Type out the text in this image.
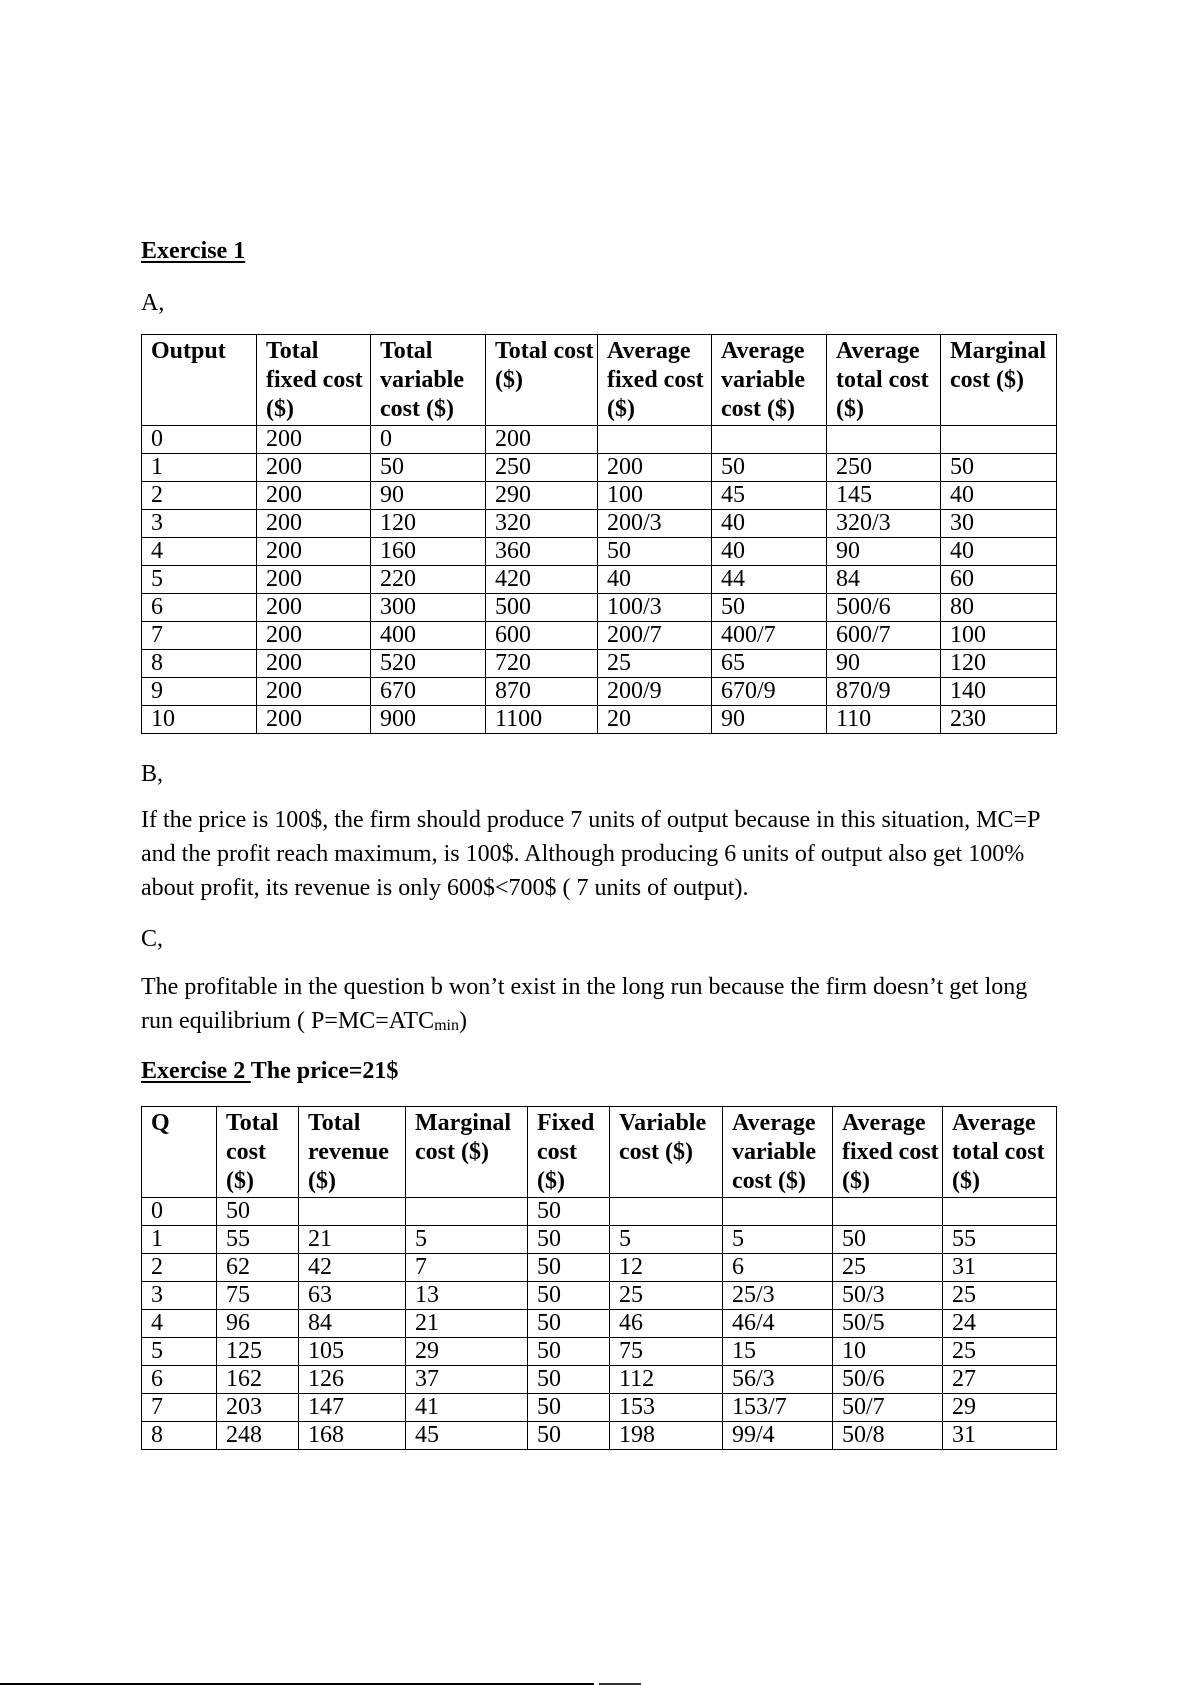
Exercise 1
A,
Output	Total fixed cost ($)	Total variable cost ($)	Total cost ($)	Average fixed cost ($)	Average variable cost ($)	Average total cost ($)	Marginal cost ($)
0	200	0	200				
1	200	50	250	200	50	250	50
2	200	90	290	100	45	145	40
3	200	120	320	200/3	40	320/3	30
4	200	160	360	50	40	90	40
5	200	220	420	40	44	84	60
6	200	300	500	100/3	50	500/6	80
7	200	400	600	200/7	400/7	600/7	100
8	200	520	720	25	65	90	120
9	200	670	870	200/9	670/9	870/9	140
10	200	900	1100	20	90	110	230
B,
If the price is 100$, the firm should produce 7 units of output because in this situation, MC=P and the profit reach maximum, is 100$. Although producing 6 units of output also get 100% about profit, its revenue is only 600$<700$ ( 7 units of output).
C,
The profitable in the question b won’t exist in the long run because the firm doesn’t get long run equilibrium ( $P=MC=ATC_{min}$)
Exercise 2 The price=21$
Q	Total cost ($)	Total revenue ($)	Marginal cost ($)	Fixed cost ($)	Variable cost ($)	Average variable cost ($)	Average fixed cost ($)	Average total cost ($)
0	50			50				
1	55	21	5	50	5	5	50	55
2	62	42	7	50	12	6	25	31
3	75	63	13	50	25	25/3	50/3	25
4	96	84	21	50	46	46/4	50/5	24
5	125	105	29	50	75	15	10	25
6	162	126	37	50	112	56/3	50/6	27
7	203	147	41	50	153	153/7	50/7	29
8	248	168	45	50	198	99/4	50/8	31
